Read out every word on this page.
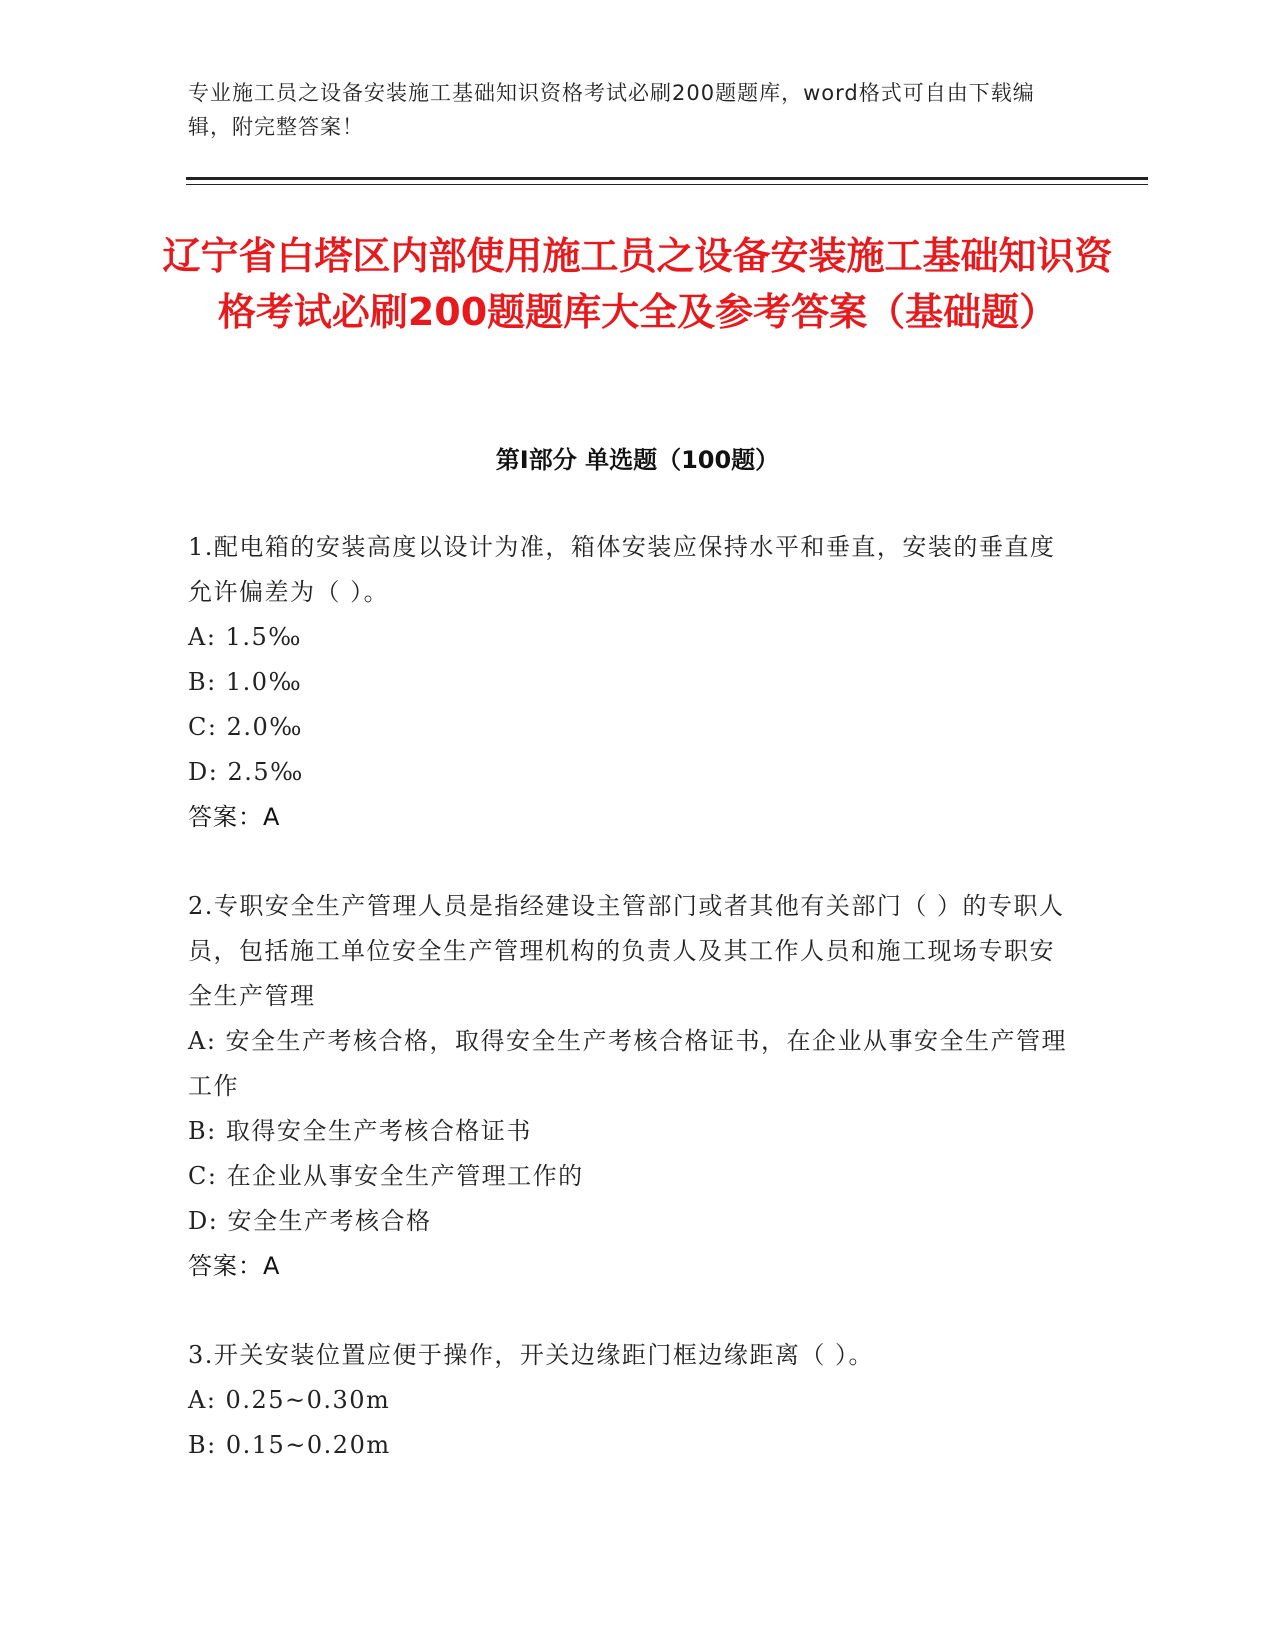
专业施工员之设备安装施工基础知识资格考试必刷200题题库，word格式可自由下载编辑，附完整答案！
辽宁省白塔区内部使用施工员之设备安装施工基础知识资格考试必刷200题题库大全及参考答案（基础题）
第I部分 单选题（100题）
1.配电箱的安装高度以设计为准，箱体安装应保持水平和垂直，安装的垂直度允许偏差为（ ）。
A: 1.5‰
B: 1.0‰
C: 2.0‰
D: 2.5‰
答案：A
2.专职安全生产管理人员是指经建设主管部门或者其他有关部门（ ）的专职人员，包括施工单位安全生产管理机构的负责人及其工作人员和施工现场专职安全生产管理
A: 安全生产考核合格，取得安全生产考核合格证书，在企业从事安全生产管理工作
B: 取得安全生产考核合格证书
C: 在企业从事安全生产管理工作的
D: 安全生产考核合格
答案：A
3.开关安装位置应便于操作，开关边缘距门框边缘距离（ ）。
A: 0.25~0.30m
B: 0.15~0.20m
